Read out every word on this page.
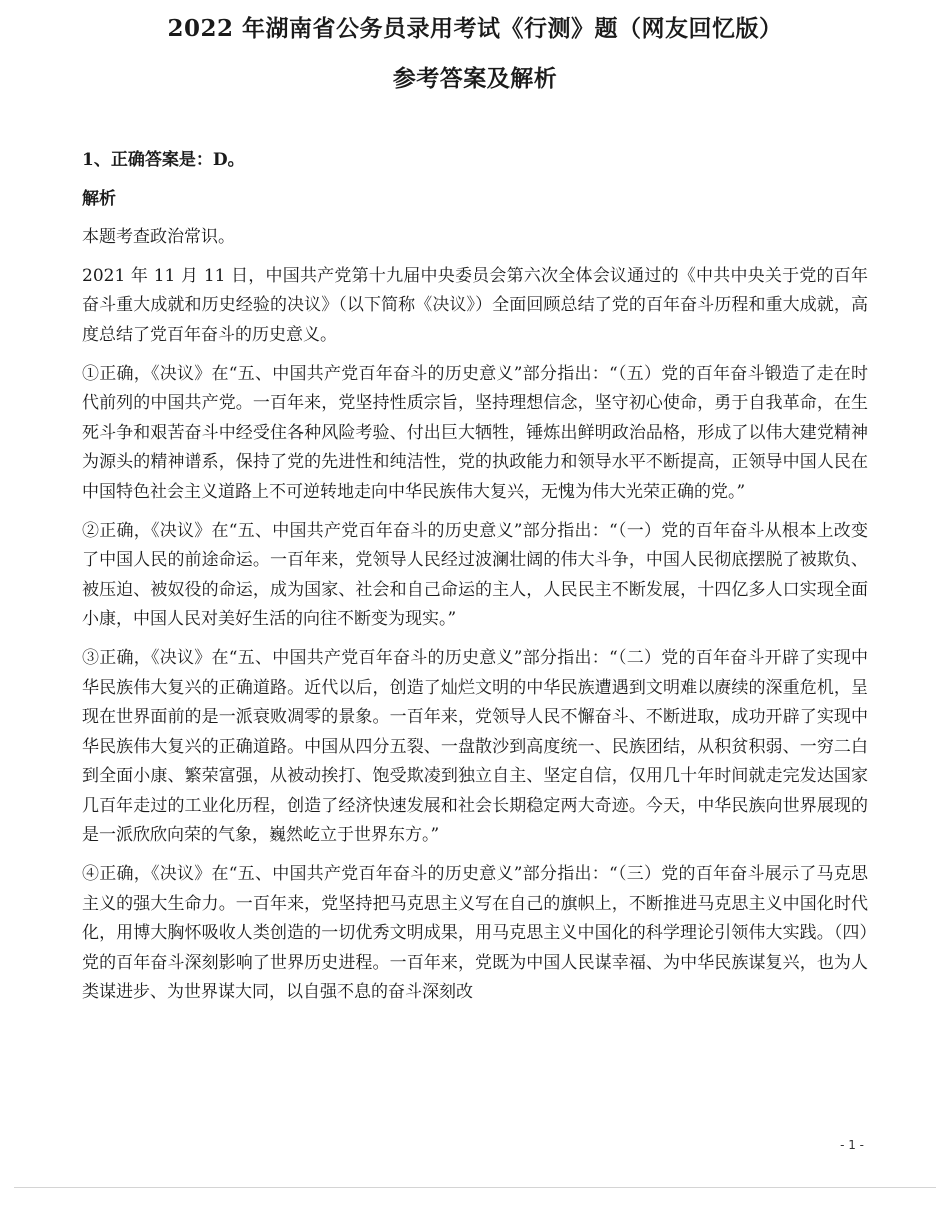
2022 年湖南省公务员录用考试《行测》题（网友回忆版）
参考答案及解析

1、正确答案是：D。

解析

本题考查政治常识。

2021 年 11 月 11 日，中国共产党第十九届中央委员会第六次全体会议通过的《中共中央关于党的百年奋斗重大成就和历史经验的决议》（以下简称《决议》）全面回顾总结了党的百年奋斗历程和重大成就，高度总结了党百年奋斗的历史意义。

①正确，《决议》在“五、中国共产党百年奋斗的历史意义”部分指出：“（五）党的百年奋斗锻造了走在时代前列的中国共产党。一百年来，党坚持性质宗旨，坚持理想信念，坚守初心使命，勇于自我革命，在生死斗争和艰苦奋斗中经受住各种风险考验、付出巨大牺牲，锤炼出鲜明政治品格，形成了以伟大建党精神为源头的精神谱系，保持了党的先进性和纯洁性，党的执政能力和领导水平不断提高，正领导中国人民在中国特色社会主义道路上不可逆转地走向中华民族伟大复兴，无愧为伟大光荣正确的党。”

②正确，《决议》在“五、中国共产党百年奋斗的历史意义”部分指出：“（一）党的百年奋斗从根本上改变了中国人民的前途命运。一百年来，党领导人民经过波澜壮阔的伟大斗争，中国人民彻底摆脱了被欺负、被压迫、被奴役的命运，成为国家、社会和自己命运的主人，人民民主不断发展，十四亿多人口实现全面小康，中国人民对美好生活的向往不断变为现实。”

③正确，《决议》在“五、中国共产党百年奋斗的历史意义”部分指出：“（二）党的百年奋斗开辟了实现中华民族伟大复兴的正确道路。近代以后，创造了灿烂文明的中华民族遭遇到文明难以赓续的深重危机，呈现在世界面前的是一派衰败凋零的景象。一百年来，党领导人民不懈奋斗、不断进取，成功开辟了实现中华民族伟大复兴的正确道路。中国从四分五裂、一盘散沙到高度统一、民族团结，从积贫积弱、一穷二白到全面小康、繁荣富强，从被动挨打、饱受欺凌到独立自主、坚定自信，仅用几十年时间就走完发达国家几百年走过的工业化历程，创造了经济快速发展和社会长期稳定两大奇迹。今天，中华民族向世界展现的是一派欣欣向荣的气象，巍然屹立于世界东方。”

④正确，《决议》在“五、中国共产党百年奋斗的历史意义”部分指出：“（三）党的百年奋斗展示了马克思主义的强大生命力。一百年来，党坚持把马克思主义写在自己的旗帜上，不断推进马克思主义中国化时代化，用博大胸怀吸收人类创造的一切优秀文明成果，用马克思主义中国化的科学理论引领伟大实践。（四）党的百年奋斗深刻影响了世界历史进程。一百年来，党既为中国人民谋幸福、为中华民族谋复兴，也为人类谋进步、为世界谋大同，以自强不息的奋斗深刻改

- 1 -
